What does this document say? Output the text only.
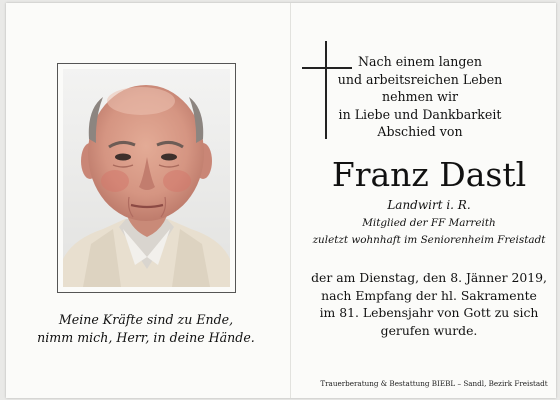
Meine Kräfte sind zu Ende,
nimm mich, Herr, in deine Hände.
Nach einem langen
und arbeitsreichen Leben
nehmen wir
in Liebe und Dankbarkeit
Abschied von
Franz Dastl
Landwirt i. R.
Mitglied der FF Marreith
zuletzt wohnhaft im Seniorenheim Freistadt
der am Dienstag, den 8. Jänner 2019,
nach Empfang der hl. Sakramente
im 81. Lebensjahr von Gott zu sich
gerufen wurde.
Trauerberatung & Bestattung BIEBL – Sandl, Bezirk Freistadt
